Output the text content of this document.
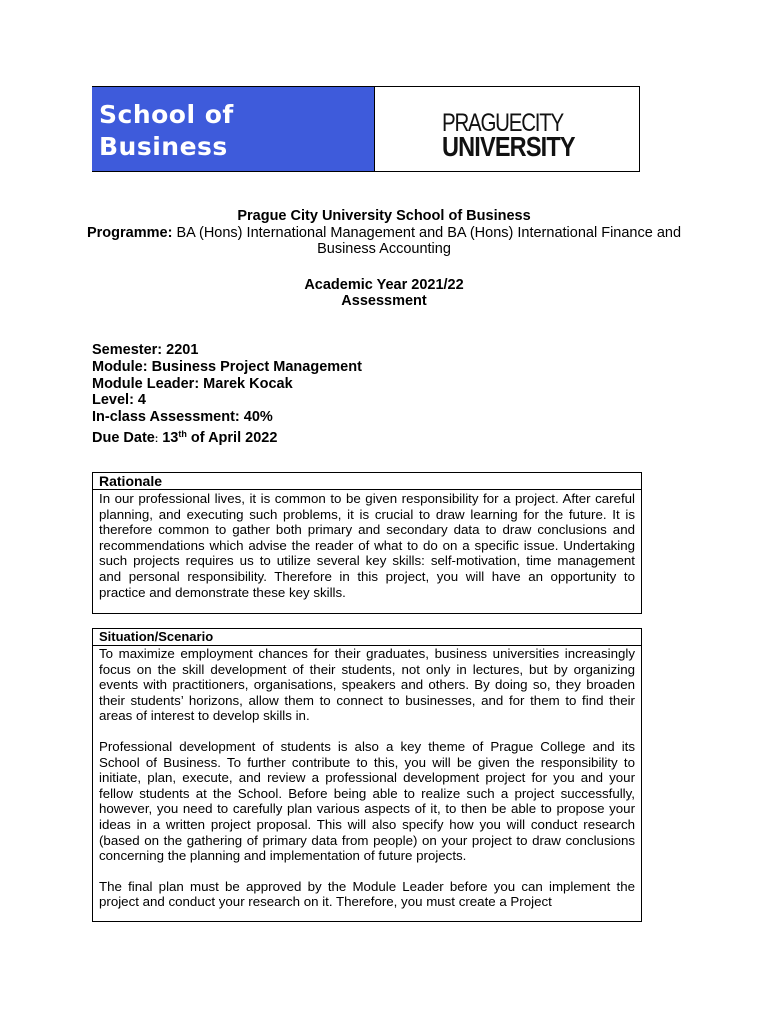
School of Business
PRAGUECITY
UNIVERSITY
Prague City University School of Business
Programme: BA (Hons) International Management and BA (Hons) International Finance and Business Accounting
Academic Year 2021/22
Assessment
Semester: 2201
Module: Business Project Management
Module Leader: Marek Kocak
Level: 4
In-class Assessment: 40%
Due Date: 13th of April 2022
Rationale

In our professional lives, it is common to be given responsibility for a project. After careful planning, and executing such problems, it is crucial to draw learning for the future. It is therefore common to gather both primary and secondary data to draw conclusions and recommendations which advise the reader of what to do on a specific issue. Undertaking such projects requires us to utilize several key skills: self-motivation, time management and personal responsibility. Therefore in this project, you will have an opportunity to practice and demonstrate these key skills.

Situation/Scenario

To maximize employment chances for their graduates, business universities increasingly focus on the skill development of their students, not only in lectures, but by organizing events with practitioners, organisations, speakers and others. By doing so, they broaden their students’ horizons, allow them to connect to businesses, and for them to find their areas of interest to develop skills in.

Professional development of students is also a key theme of Prague College and its School of Business. To further contribute to this, you will be given the responsibility to initiate, plan, execute, and review a professional development project for you and your fellow students at the School. Before being able to realize such a project successfully, however, you need to carefully plan various aspects of it, to then be able to propose your ideas in a written project proposal. This will also specify how you will conduct research (based on the gathering of primary data from people) on your project to draw conclusions concerning the planning and implementation of future projects.

The final plan must be approved by the Module Leader before you can implement the project and conduct your research on it. Therefore, you must create a Project
